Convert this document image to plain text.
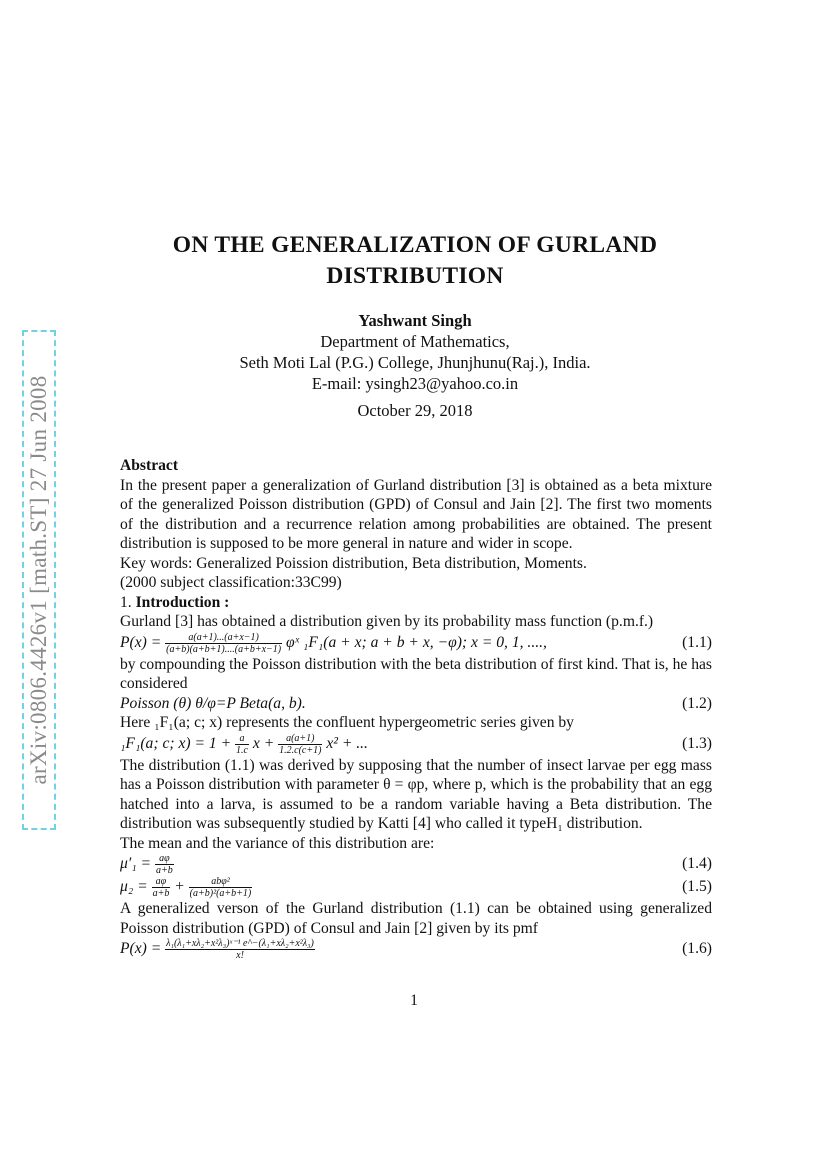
arXiv:0806.4426v1 [math.ST] 27 Jun 2008
ON THE GENERALIZATION OF GURLAND
DISTRIBUTION
Yashwant Singh
Department of Mathematics,
Seth Moti Lal (P.G.) College, Jhunjhunu(Raj.), India.
E-mail: ysingh23@yahoo.co.in
October 29, 2018

Abstract

In the present paper a generalization of Gurland distribution [3] is obtained as a beta mixture of the generalized Poisson distribution (GPD) of Consul and Jain [2]. The first two moments of the distribution and a recurrence relation among probabilities are obtained. The present distribution is supposed to be more general in nature and wider in scope.

Key words: Generalized Poission distribution, Beta distribution, Moments.

(2000 subject classification:33C99)

1. Introduction :

Gurland [3] has obtained a distribution given by its probability mass function (p.m.f.)

$P(x) = \frac{a(a+1)...(a+x-1)}{(a+b)(a+b+1)....(a+b+x-1)}$ φˣ ₁F₁(a + x; a + b + x, −φ); x = 0, 1, ....,	(1.1)

by compounding the Poisson distribution with the beta distribution of first kind. That is, he has considered

Poisson (θ) θ/φ=P Beta(a, b).	(1.2)

Here ₁F₁(a; c; x) represents the confluent hypergeometric series given by

₁F₁(a; c; $x) = 1 + \frac{a}{1.c}$ $x + \frac{a(a+1)}{1.2.c(c+1)} x^2$ + ...	(1.3)

The distribution (1.1) was derived by supposing that the number of insect larvae per egg mass has a Poisson distribution with parameter θ = φp, where p, which is the probability that an egg hatched into a larva, is assumed to be a random variable having a Beta distribution. The distribution was subsequently studied by Katti [4] who called it typeH₁ distribution.

The mean and the variance of this distribution are:

$\mu'_1 = \frac{a\varphi}{a+b}$	(1.4)
$\mu_2 = \frac{a\varphi}{a+b} + \frac{\text{abφ²}}{\text{(a+b)²(a+b+1)}}$	(1.5)

A generalized verson of the Gurland distribution (1.1) can be obtained using generalized Poisson distribution (GPD) of Consul and Jain [2] given by its pmf

$P(x) = \frac{\text{λ₁(λ₁+xλ₂+x²λ₃)ˣ⁻¹ e\textasciicircum{}−(λ₁+xλ₂+x²λ₃)}}{x!}$	(1.6)
1
